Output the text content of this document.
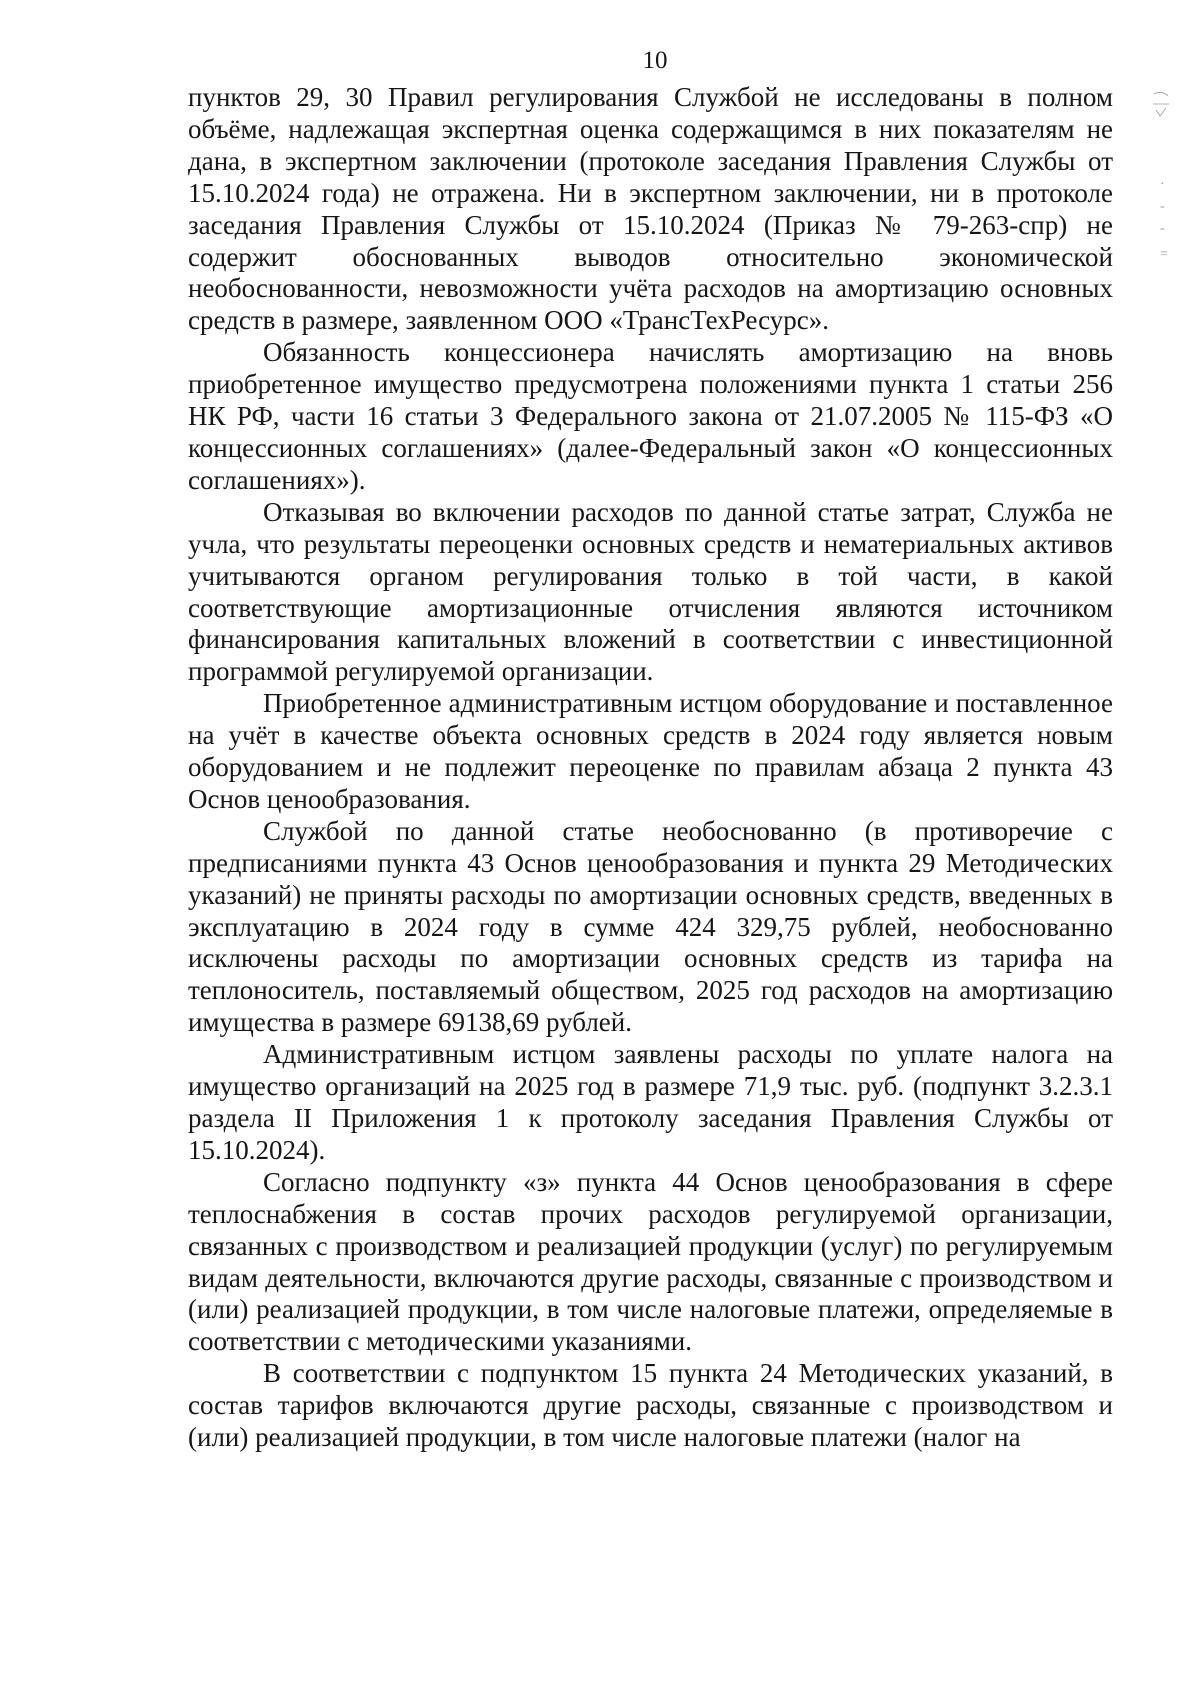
10

пунктов 29, 30 Правил регулирования Службой не исследованы в полном объёме, надлежащая экспертная оценка содержащимся в них показателям не дана, в экспертном заключении (протоколе заседания Правления Службы от 15.10.2024 года) не отражена. Ни в экспертном заключении, ни в протоколе заседания Правления Службы от 15.10.2024 (Приказ № 79-263-спр) не содержит обоснованных выводов относительно экономической необоснованности, невозможности учёта расходов на амортизацию основных средств в размере, заявленном ООО «ТрансТехРесурс».

Обязанность концессионера начислять амортизацию на вновь приобретенное имущество предусмотрена положениями пункта 1 статьи 256 НК РФ, части 16 статьи 3 Федерального закона от 21.07.2005 № 115-ФЗ «О концессионных соглашениях» (далее-Федеральный закон «О концессионных соглашениях»).

Отказывая во включении расходов по данной статье затрат, Служба не учла, что результаты переоценки основных средств и нематериальных активов учитываются органом регулирования только в той части, в какой соответствующие амортизационные отчисления являются источником финансирования капитальных вложений в соответствии с инвестиционной программой регулируемой организации.

Приобретенное административным истцом оборудование и поставленное на учёт в качестве объекта основных средств в 2024 году является новым оборудованием и не подлежит переоценке по правилам абзаца 2 пункта 43 Основ ценообразования.

Службой по данной статье необоснованно (в противоречие с предписаниями пункта 43 Основ ценообразования и пункта 29 Методических указаний) не приняты расходы по амортизации основных средств, введенных в эксплуатацию в 2024 году в сумме 424 329,75 рублей, необоснованно исключены расходы по амортизации основных средств из тарифа на теплоноситель, поставляемый обществом, 2025 год расходов на амортизацию имущества в размере 69138,69 рублей.

Административным истцом заявлены расходы по уплате налога на имущество организаций на 2025 год в размере 71,9 тыс. руб. (подпункт 3.2.3.1 раздела II Приложения 1 к протоколу заседания Правления Службы от 15.10.2024).

Согласно подпункту «з» пункта 44 Основ ценообразования в сфере теплоснабжения в состав прочих расходов регулируемой организации, связанных с производством и реализацией продукции (услуг) по регулируемым видам деятельности, включаются другие расходы, связанные с производством и (или) реализацией продукции, в том числе налоговые платежи, определяемые в соответствии с методическими указаниями.

В соответствии с подпунктом 15 пункта 24 Методических указаний, в состав тарифов включаются другие расходы, связанные с производством и (или) реализацией продукции, в том числе налоговые платежи (налог на

·
-
-
=
